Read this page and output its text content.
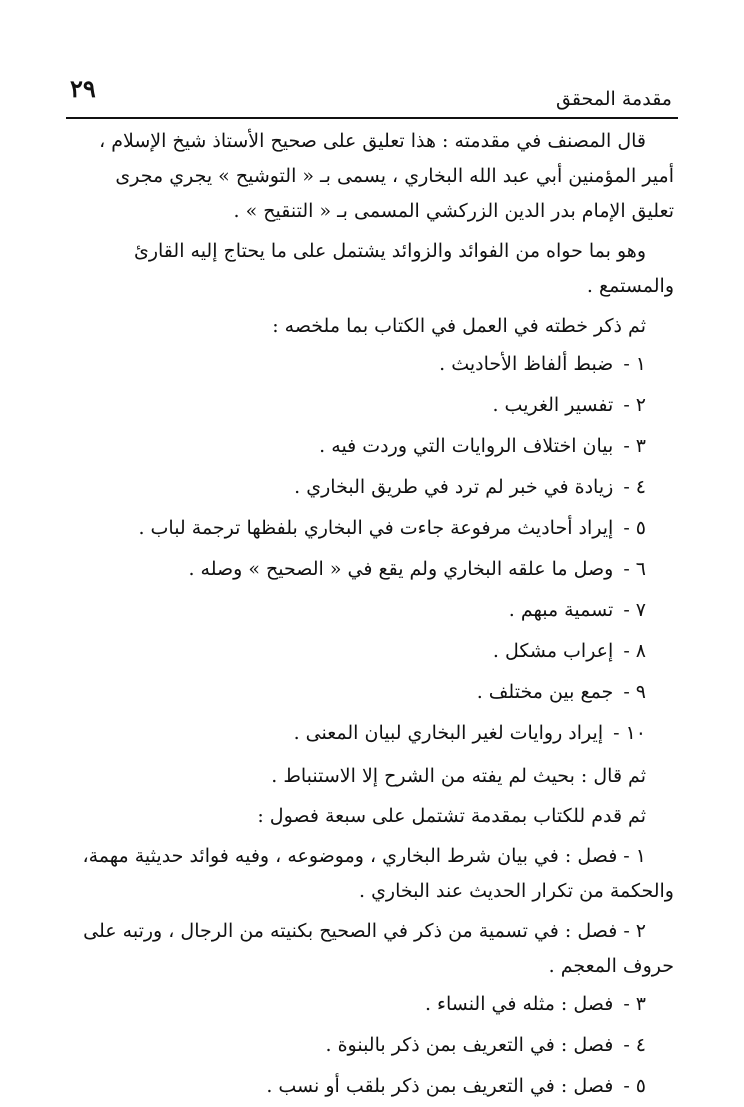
٢٩	مقدمة المحقق

قال المصنف في مقدمته : هذا تعليق على صحيح الأستاذ شيخ الإسلام ، أمير المؤمنين أبي عبد الله البخاري ، يسمى بـ « التوشيح » يجري مجرى تعليق الإمام بدر الدين الزركشي المسمى بـ « التنقيح » .

وهو بما حواه من الفوائد والزوائد يشتمل على ما يحتاج إليه القارئ والمستمع .

ثم ذكر خطته في العمل في الكتاب بما ملخصه :

١ -ضبط ألفاظ الأحاديث .

٢ -تفسير الغريب .

٣ -بيان اختلاف الروايات التي وردت فيه .

٤ -زيادة في خبر لم ترد في طريق البخاري .

٥ -إيراد أحاديث مرفوعة جاءت في البخاري بلفظها ترجمة لباب .

٦ -وصل ما علقه البخاري ولم يقع في « الصحيح » وصله .

٧ -تسمية مبهم .

٨ -إعراب مشكل .

٩ -جمع بين مختلف .

١٠ -إيراد روايات لغير البخاري لبيان المعنى .

ثم قال : بحيث لم يفته من الشرح إلا الاستنباط .

ثم قدم للكتاب بمقدمة تشتمل على سبعة فصول :

١ - فصل : في بيان شرط البخاري ، وموضوعه ، وفيه فوائد حديثية مهمة، والحكمة من تكرار الحديث عند البخاري .

٢ - فصل : في تسمية من ذكر في الصحيح بكنيته من الرجال ، ورتبه على حروف المعجم .

٣ -فصل : مثله في النساء .

٤ -فصل : في التعريف بمن ذكر بالبنوة .

٥ -فصل : في التعريف بمن ذكر بلقب أو نسب .
